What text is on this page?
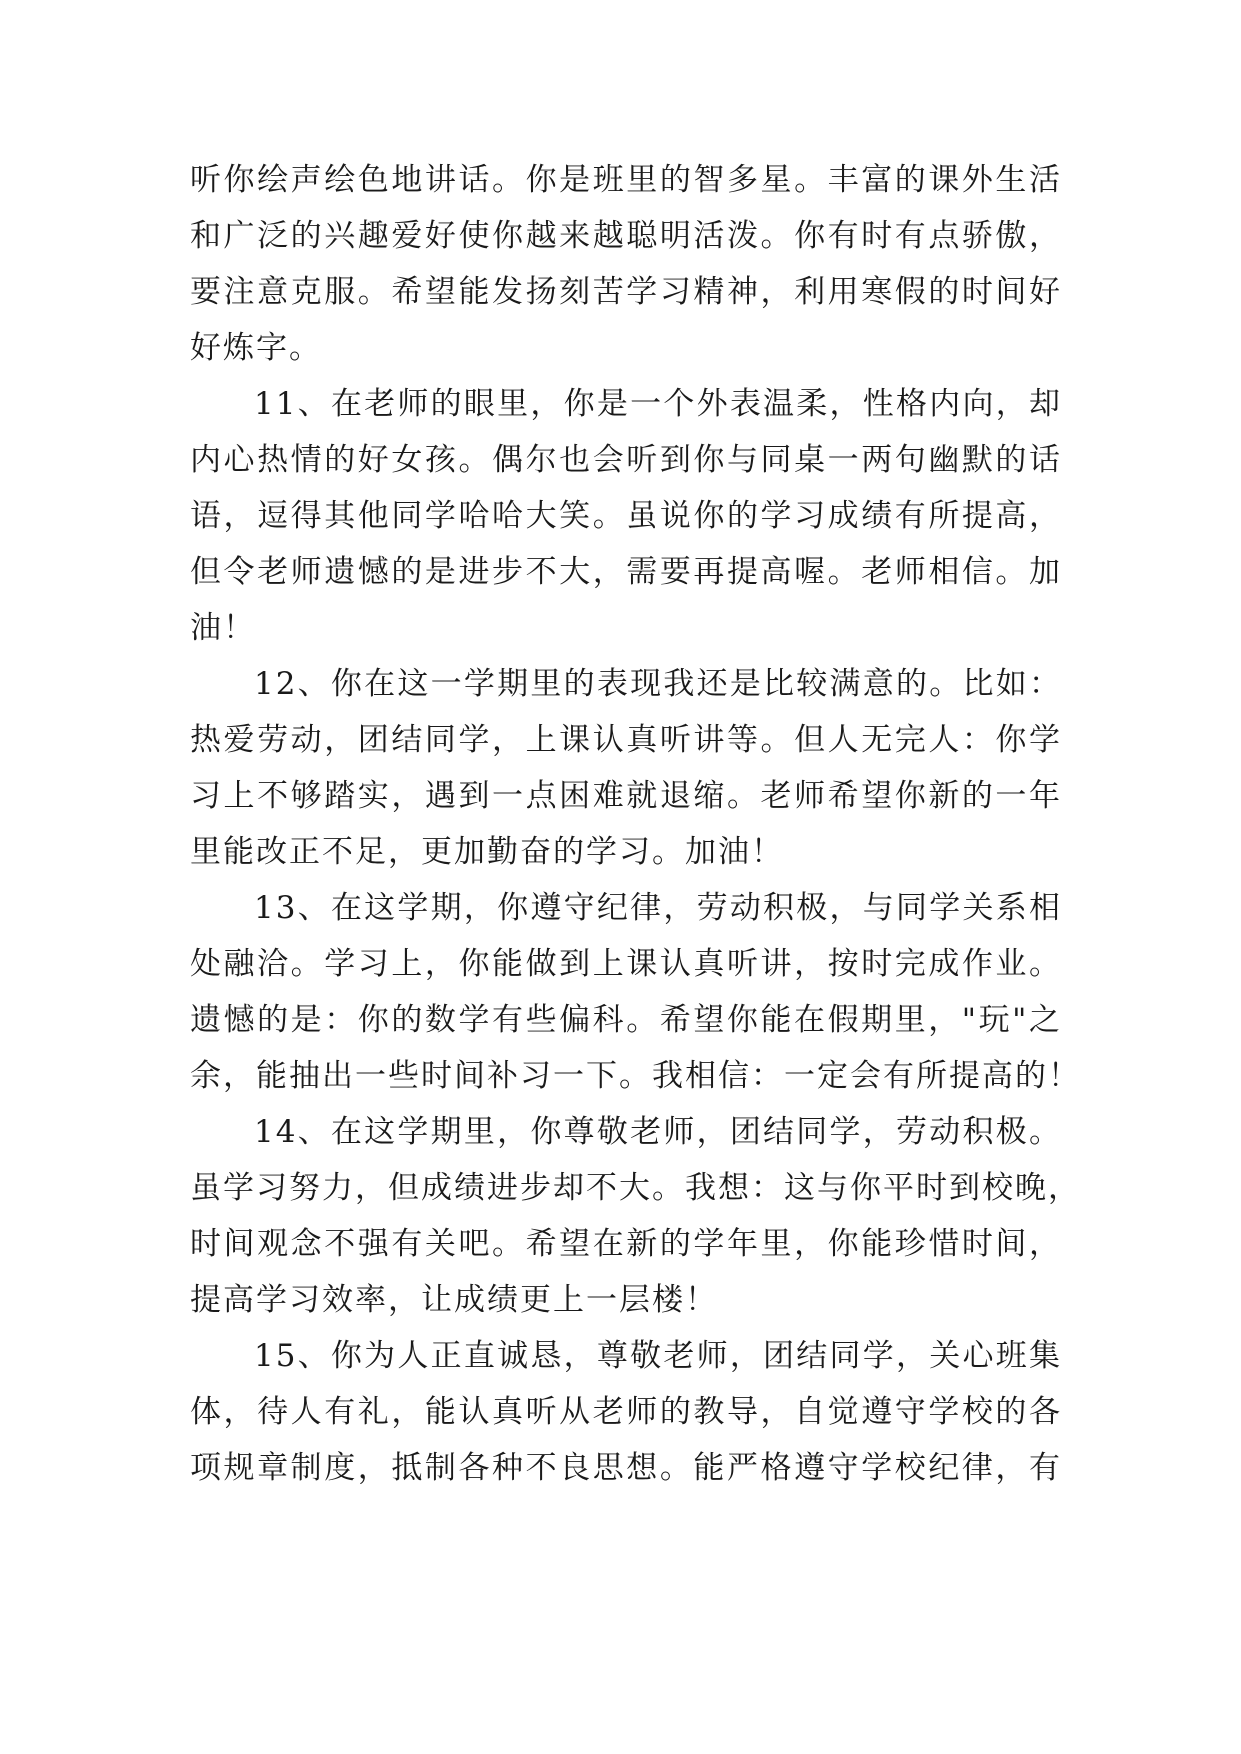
听你绘声绘色地讲话。你是班里的智多星。丰富的课外生活
和广泛的兴趣爱好使你越来越聪明活泼。你有时有点骄傲，
要注意克服。希望能发扬刻苦学习精神，利用寒假的时间好
好炼字。
11、在老师的眼里，你是一个外表温柔，性格内向，却
内心热情的好女孩。偶尔也会听到你与同桌一两句幽默的话
语，逗得其他同学哈哈大笑。虽说你的学习成绩有所提高，
但令老师遗憾的是进步不大，需要再提高喔。老师相信。加
油！
12、你在这一学期里的表现我还是比较满意的。比如：
热爱劳动，团结同学，上课认真听讲等。但人无完人：你学
习上不够踏实，遇到一点困难就退缩。老师希望你新的一年
里能改正不足，更加勤奋的学习。加油！
13、在这学期，你遵守纪律，劳动积极，与同学关系相
处融洽。学习上，你能做到上课认真听讲，按时完成作业。
遗憾的是：你的数学有些偏科。希望你能在假期里，"玩"之
余，能抽出一些时间补习一下。我相信：一定会有所提高的！
14、在这学期里，你尊敬老师，团结同学，劳动积极。
虽学习努力，但成绩进步却不大。我想：这与你平时到校晚，
时间观念不强有关吧。希望在新的学年里，你能珍惜时间，
提高学习效率，让成绩更上一层楼！
15、你为人正直诚恳，尊敬老师，团结同学，关心班集
体，待人有礼，能认真听从老师的教导，自觉遵守学校的各
项规章制度，抵制各种不良思想。能严格遵守学校纪律，有
